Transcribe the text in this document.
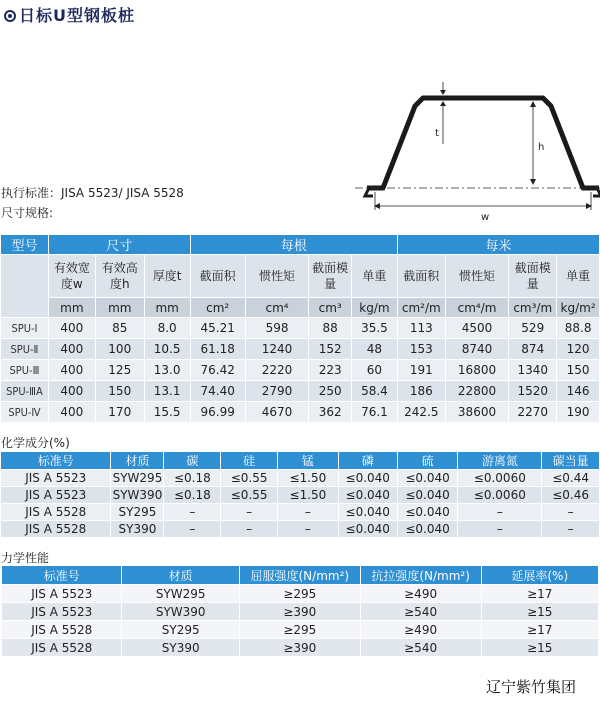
日标U型钢板桩
执行标准：JISA 5523/ JISA 5528
尺寸规格:
t
h
w
型号	尺寸			每根				每米			
	有效宽度w	有效高度h	厚度t	截面积	惯性矩	截面模量	单重	截面积	惯性矩	截面模量	单重
	mm	mm	mm	cm²	cm⁴	cm³	kg/m	cm²/m	cm⁴/m	cm³/m	kg/m²
SPU-Ⅰ	400	85	8.0	45.21	598	88	35.5	113	4500	529	88.8
SPU-Ⅱ	400	100	10.5	61.18	1240	152	48	153	8740	874	120
SPU-Ⅲ	400	125	13.0	76.42	2220	223	60	191	16800	1340	150
SPU-ⅢA	400	150	13.1	74.40	2790	250	58.4	186	22800	1520	146
SPU-Ⅳ	400	170	15.5	96.99	4670	362	76.1	242.5	38600	2270	190
化学成分(%)
标准号	材质	碳	硅	锰	磷	硫	游离氮	碳当量
JIS A 5523	SYW295	≤0.18	≤0.55	≤1.50	≤0.040	≤0.040	≤0.0060	≤0.44
JIS A 5523	SYW390	≤0.18	≤0.55	≤1.50	≤0.040	≤0.040	≤0.0060	≤0.46
JIS A 5528	SY295	–	–	–	≤0.040	≤0.040	–	–
JIS A 5528	SY390	–	–	–	≤0.040	≤0.040	–	–
力学性能
标准号	材质	屈服强度(N/mm²)	抗拉强度(N/mm²)	延展率(%)
JIS A 5523	SYW295	≥295	≥490	≥17
JIS A 5523	SYW390	≥390	≥540	≥15
JIS A 5528	SY295	≥295	≥490	≥17
JIS A 5528	SY390	≥390	≥540	≥15
辽宁紫竹集团
